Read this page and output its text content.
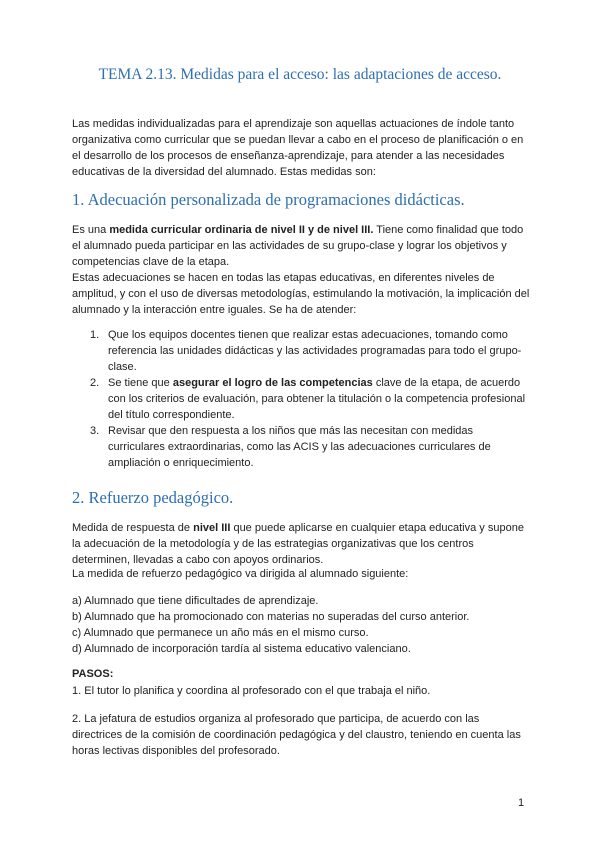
TEMA 2.13. Medidas para el acceso: las adaptaciones de acceso.
Las medidas individualizadas para el aprendizaje son aquellas actuaciones de índole tanto organizativa como curricular que se puedan llevar a cabo en el proceso de planificación o en el desarrollo de los procesos de enseñanza-aprendizaje, para atender a las necesidades educativas de la diversidad del alumnado. Estas medidas son:
1. Adecuación personalizada de programaciones didácticas.
Es una medida curricular ordinaria de nivel II y de nivel III. Tiene como finalidad que todo el alumnado pueda participar en las actividades de su grupo-clase y lograr los objetivos y competencias clave de la etapa.
Estas adecuaciones se hacen en todas las etapas educativas, en diferentes niveles de amplitud, y con el uso de diversas metodologías, estimulando la motivación, la implicación del alumnado y la interacción entre iguales. Se ha de atender:
1. Que los equipos docentes tienen que realizar estas adecuaciones, tomando como referencia las unidades didácticas y las actividades programadas para todo el grupo-clase.
2. Se tiene que asegurar el logro de las competencias clave de la etapa, de acuerdo con los criterios de evaluación, para obtener la titulación o la competencia profesional del título correspondiente.
3. Revisar que den respuesta a los niños que más las necesitan con medidas curriculares extraordinarias, como las ACIS y las adecuaciones curriculares de ampliación o enriquecimiento.
2. Refuerzo pedagógico.
Medida de respuesta de nivel III que puede aplicarse en cualquier etapa educativa y supone la adecuación de la metodología y de las estrategias organizativas que los centros determinen, llevadas a cabo con apoyos ordinarios.
La medida de refuerzo pedagógico va dirigida al alumnado siguiente:
a) Alumnado que tiene dificultades de aprendizaje.
b) Alumnado que ha promocionado con materias no superadas del curso anterior.
c) Alumnado que permanece un año más en el mismo curso.
d) Alumnado de incorporación tardía al sistema educativo valenciano.
PASOS:
1. El tutor lo planifica y coordina al profesorado con el que trabaja el niño.
2. La jefatura de estudios organiza al profesorado que participa, de acuerdo con las directrices de la comisión de coordinación pedagógica y del claustro, teniendo en cuenta las horas lectivas disponibles del profesorado.
1
